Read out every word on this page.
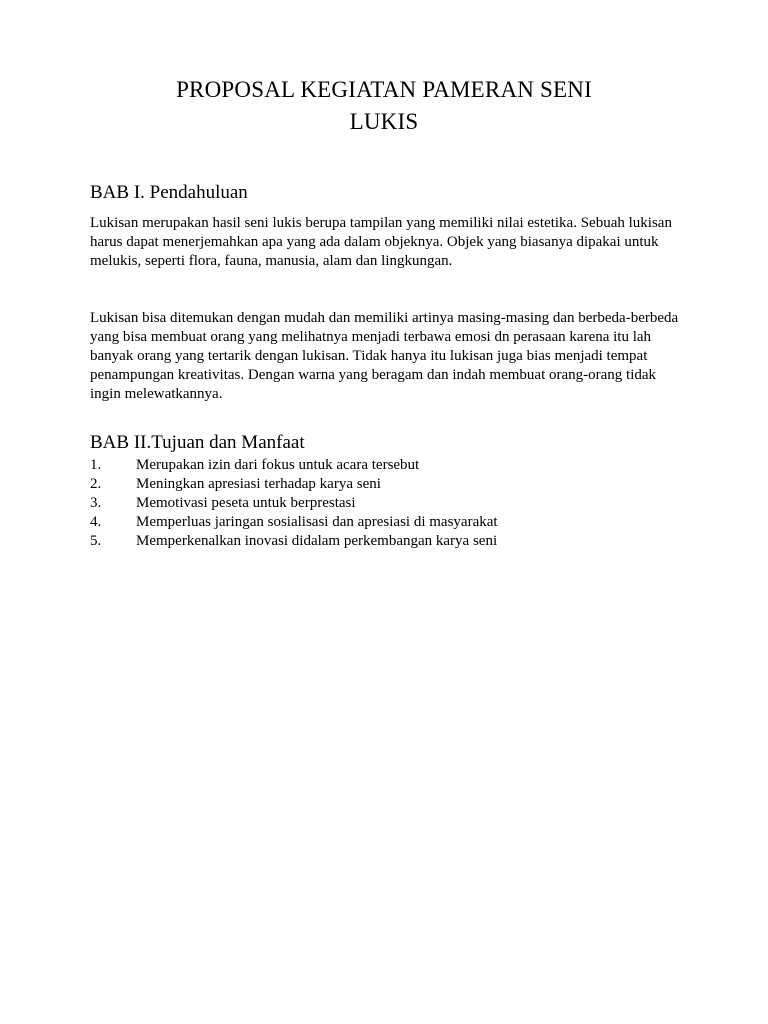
PROPOSAL KEGIATAN PAMERAN SENI
LUKIS
BAB I. Pendahuluan

Lukisan merupakan hasil seni lukis berupa tampilan yang memiliki nilai estetika. Sebuah lukisan harus dapat menerjemahkan apa yang ada dalam objeknya. Objek yang biasanya dipakai untuk melukis, seperti flora, fauna, manusia, alam dan lingkungan.

Lukisan bisa ditemukan dengan mudah dan memiliki artinya masing-masing dan berbeda-berbeda yang bisa membuat orang yang melihatnya menjadi terbawa emosi dn perasaan karena itu lah banyak orang yang tertarik dengan lukisan. Tidak hanya itu lukisan juga bias menjadi tempat penampungan kreativitas. Dengan warna yang beragam dan indah membuat orang-orang tidak ingin melewatkannya.

BAB II.Tujuan dan Manfaat
1. Merupakan izin dari fokus untuk acara tersebut
2. Meningkan apresiasi terhadap karya seni
3. Memotivasi peseta untuk berprestasi
4. Memperluas jaringan sosialisasi dan apresiasi di masyarakat
5. Memperkenalkan inovasi didalam perkembangan karya seni
